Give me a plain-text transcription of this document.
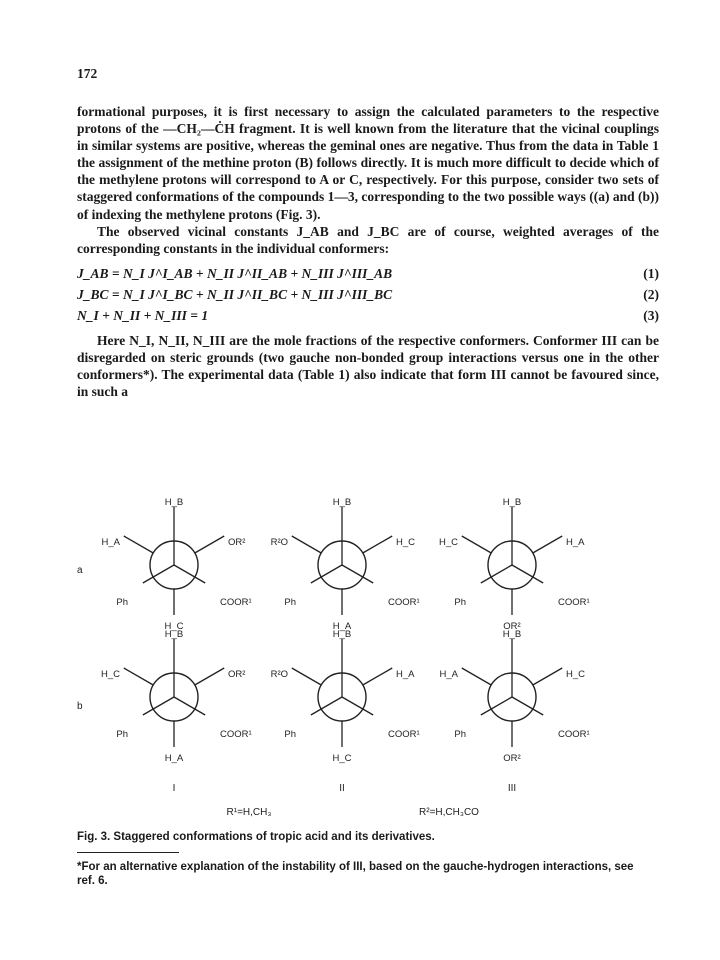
172

formational purposes, it is first necessary to assign the calculated parameters to the respective protons of the —CH₂—ĊH fragment. It is well known from the literature that the vicinal couplings in similar systems are positive, whereas the geminal ones are negative. Thus from the data in Table 1 the assignment of the methine proton (B) follows directly. It is much more difficult to decide which of the methylene protons will correspond to A or C, respectively. For this purpose, consider two sets of staggered conformations of the compounds 1—3, corresponding to the two possible ways ((a) and (b)) of indexing the methylene protons (Fig. 3).

The observed vicinal constants J_AB and J_BC are of course, weighted averages of the corresponding constants in the individual conformers:

J_AB = N_I J^I_AB + N_II J^II_AB + N_III J^III_AB	(1)
J_BC = N_I J^I_BC + N_II J^II_BC + N_III J^III_BC	(2)
N_I + N_II + N_III = 1	(3)

Here N_I, N_II, N_III are the mole fractions of the respective conformers. Conformer III can be disregarded on steric grounds (two gauche non-bonded group interactions versus one in the other conformers*). The experimental data (Table 1) also indicate that form III cannot be favoured since, in such a

H_B
H_A	OR²
Ph	COOR¹
H_C
H_B
R²O	H_C
Ph	COOR¹
H_A
H_B
H_C	H_A
Ph	COOR¹
OR²
H_B
H_C	OR²
Ph	COOR¹
H_A
H_B
R²O	H_A
Ph	COOR¹
H_C
H_B
H_A	H_C
Ph	COOR¹
OR²
a
b
I	II	III
R¹=H,CH₃	R²=H,CH₃CO
Fig. 3. Staggered conformations of tropic acid and its derivatives.
*For an alternative explanation of the instability of III, based on the gauche-hydrogen interactions, see ref. 6.
